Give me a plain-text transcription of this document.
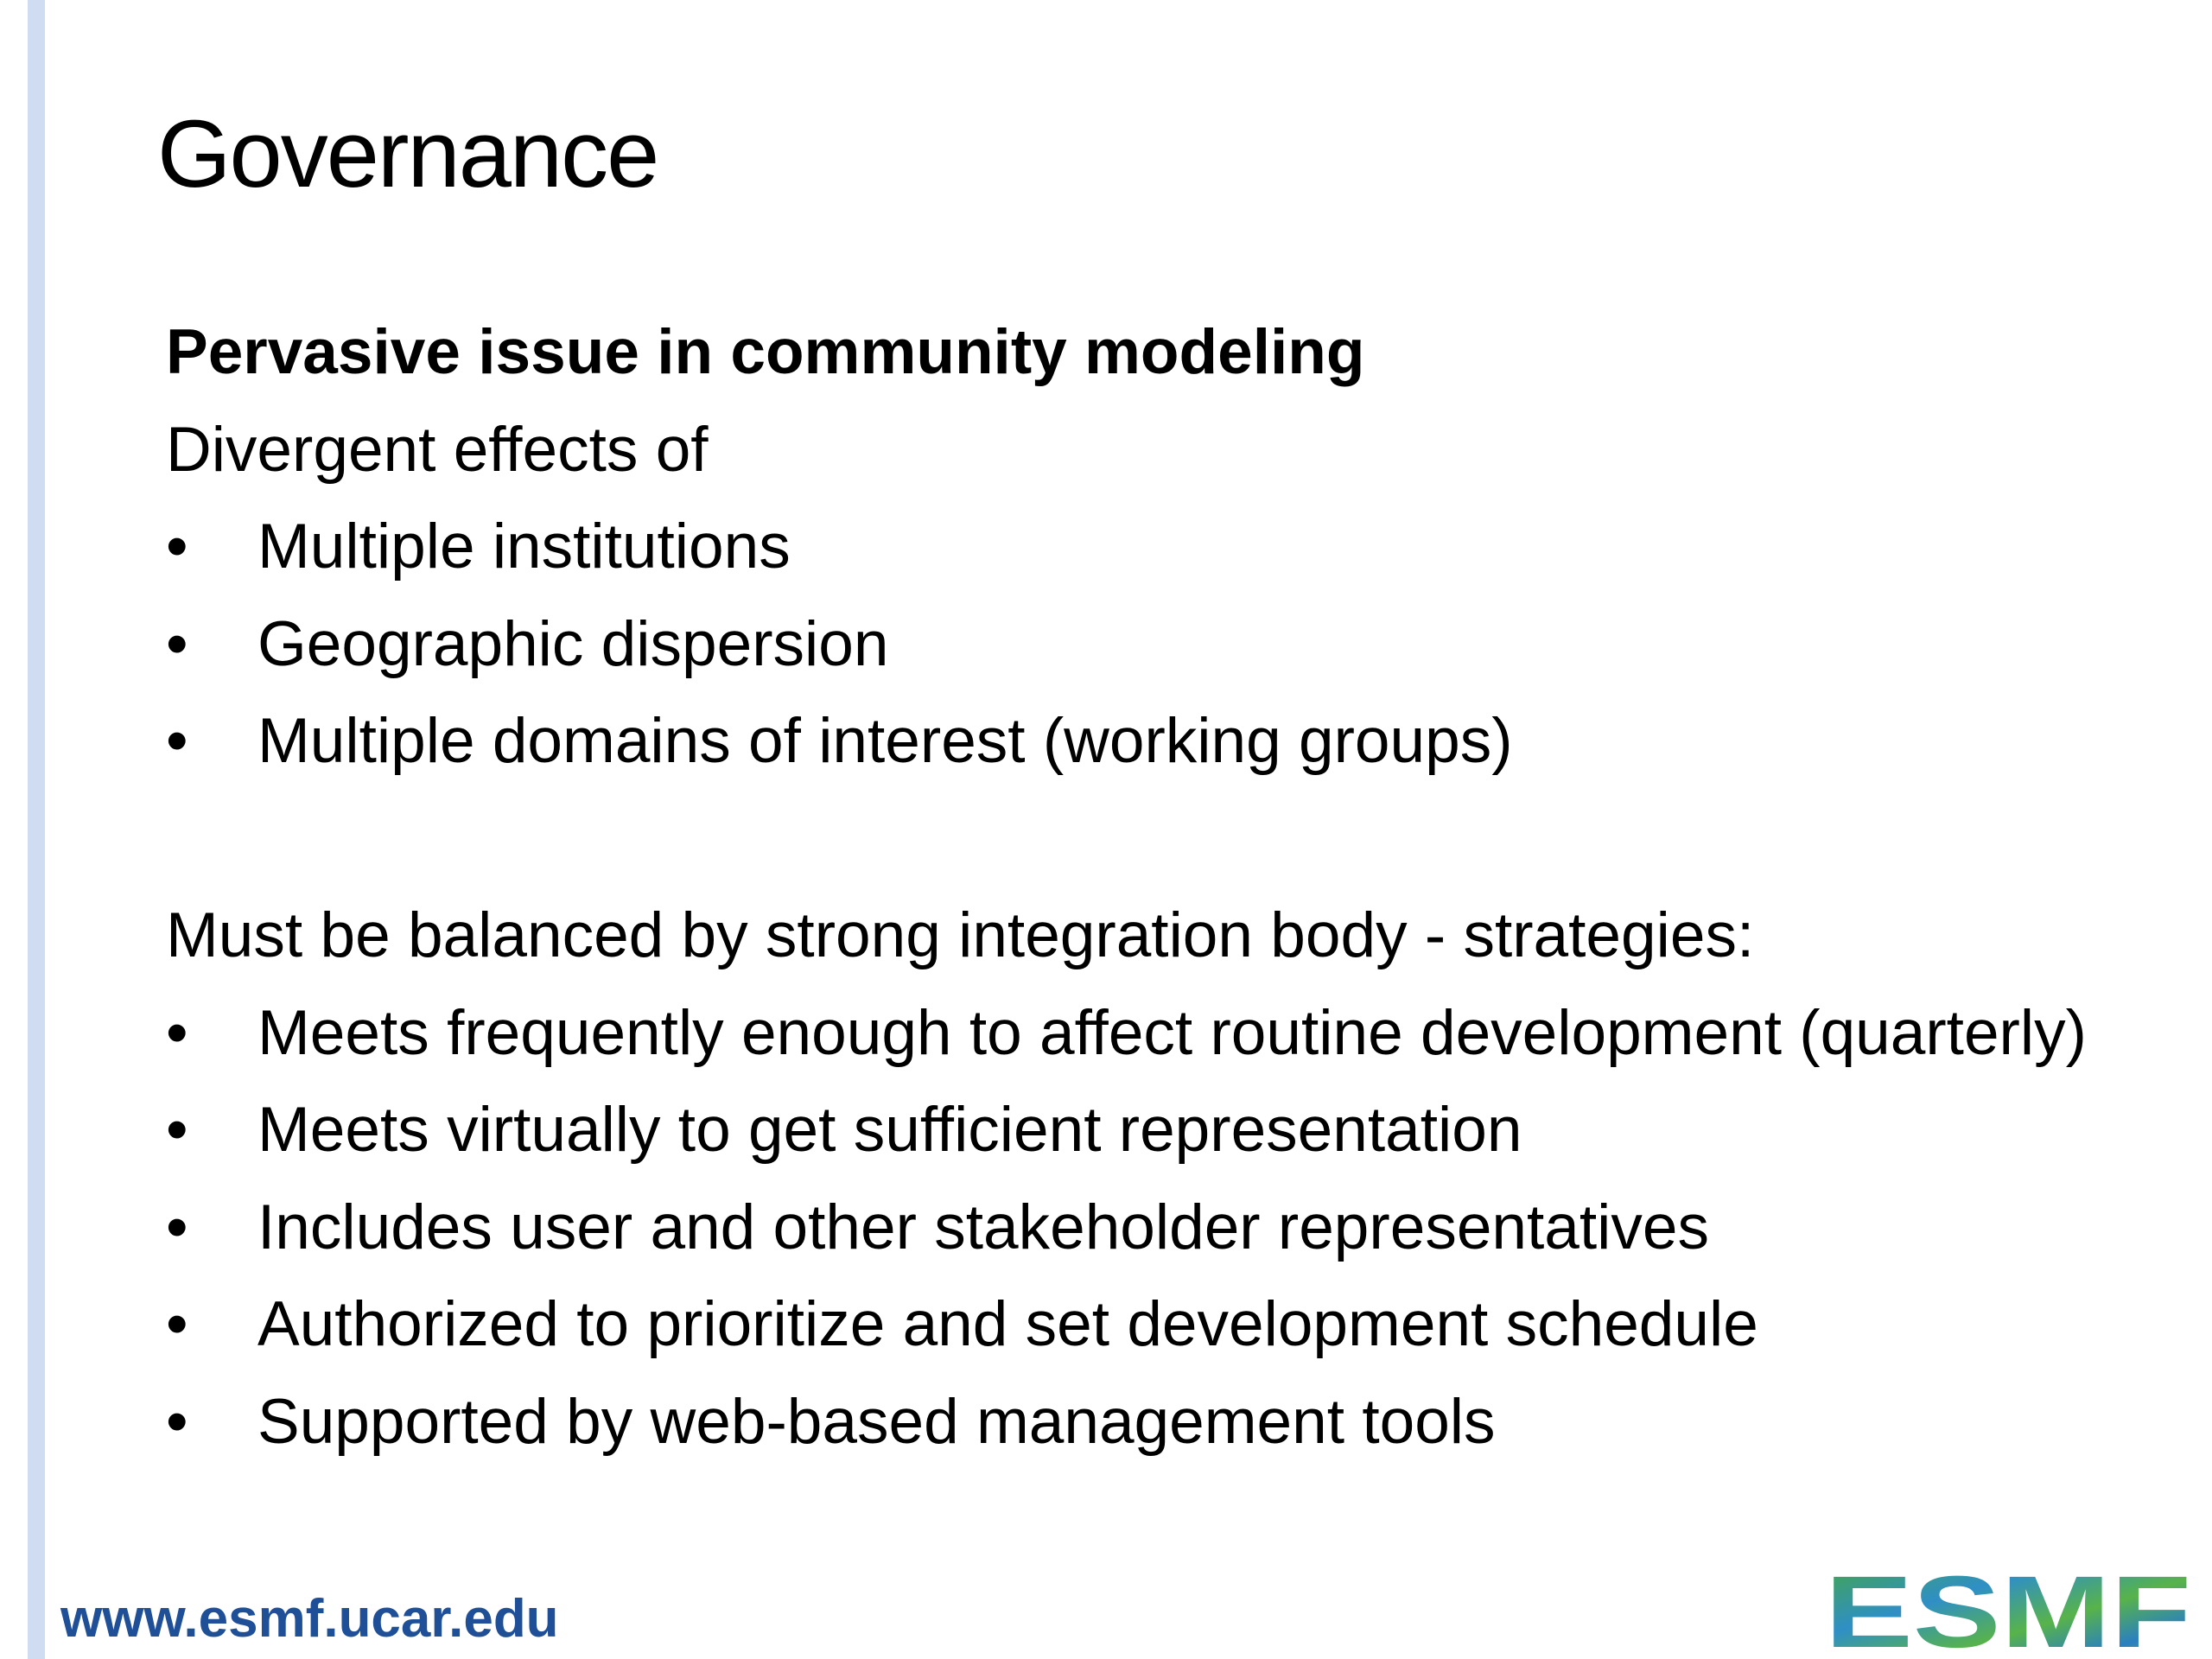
Governance

Pervasive issue in community modeling

Divergent effects of

• Multiple institutions
• Geographic dispersion
• Multiple domains of interest (working groups)

Must be balanced by strong integration body - strategies:

• Meets frequently enough to affect routine development (quarterly)
• Meets virtually to get sufficient representation
• Includes user and other stakeholder representatives
• Authorized to prioritize and set development schedule
• Supported by web-based management tools
www.esmf.ucar.edu	ESMF
